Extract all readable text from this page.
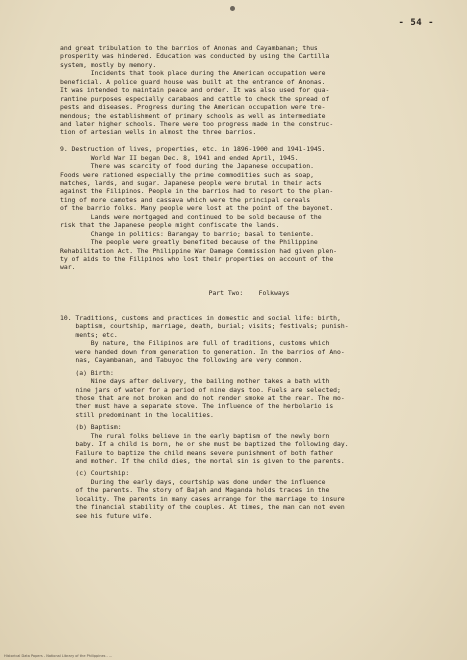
- 54 -
and great tribulation to the barrios of Anonas and Cayambanan; thus
prosperity was hindered. Education was conducted by using the Cartilla
system, mostly by memory.
Incidents that took place during the American occupation were
beneficial. A police guard house was built at the entrance of Anonas.
It was intended to maintain peace and order. It was also used for qua-
rantine purposes especially carabaos and cattle to check the spread of
pests and diseases. Progress during the American occupation were tre-
mendous; the establishment of primary schools as well as intermediate
and later higher schools. There were too progress made in the construc-
tion of artesian wells in almost the three barrios.
9. Destruction of lives, properties, etc. in 1896-1900 and 1941-1945.
World War II began Dec. 8, 1941 and ended April, 1945.
There was scarcity of food during the Japanese occupation.
Foods were rationed especially the prime commodities such as soap,
matches, lards, and sugar. Japanese people were brutal in their acts
against the Filipinos. People in the barrios had to resort to the plan-
ting of more camotes and cassava which were the principal cereals
of the barrio folks. Many people were lost at the point of the bayonet.
Lands were mortgaged and continued to be sold because of the
risk that the Japanese people might confiscate the lands.
Change in politics: Barangay to barrio; basal to teniente.
The people were greatly benefited because of the Philippine
Rehabilitation Act. The Philippine War Damage Commission had given plen-
ty of aids to the Filipinos who lost their properties on account of the
war.
Part Two:    Folkways
10. Traditions, customs and practices in domestic and social life: birth,
baptism, courtship, marriage, death, burial; visits; festivals; punish-
ments; etc.
By nature, the Filipinos are full of traditions, customs which
were handed down from generation to generation. In the barrios of Ano-
nas, Cayambanan, and Tabuyoc the following are very common.
(a) Birth:
Nine days after delivery, the bailing mother takes a bath with
nine jars of water for a period of nine days too. Fuels are selected;
those that are not broken and do not render smoke at the rear. The mo-
ther must have a separate stove. The influence of the herbolario is
still predominant in the localities.
(b) Baptism:
The rural folks believe in the early baptism of the newly born
baby. If a child is born, he or she must be baptized the following day.
Failure to baptize the child means severe punishment of both father
and mother. If the child dies, the mortal sin is given to the parents.
(c) Courtship:
During the early days, courtship was done under the influence
of the parents. The story of Bajah and Maganda holds traces in the
locality. The parents in many cases arrange for the marriage to insure
the financial stability of the couples. At times, the man can not even
see his future wife.
Historical Data Papers - National Library of the Philippines - ...
